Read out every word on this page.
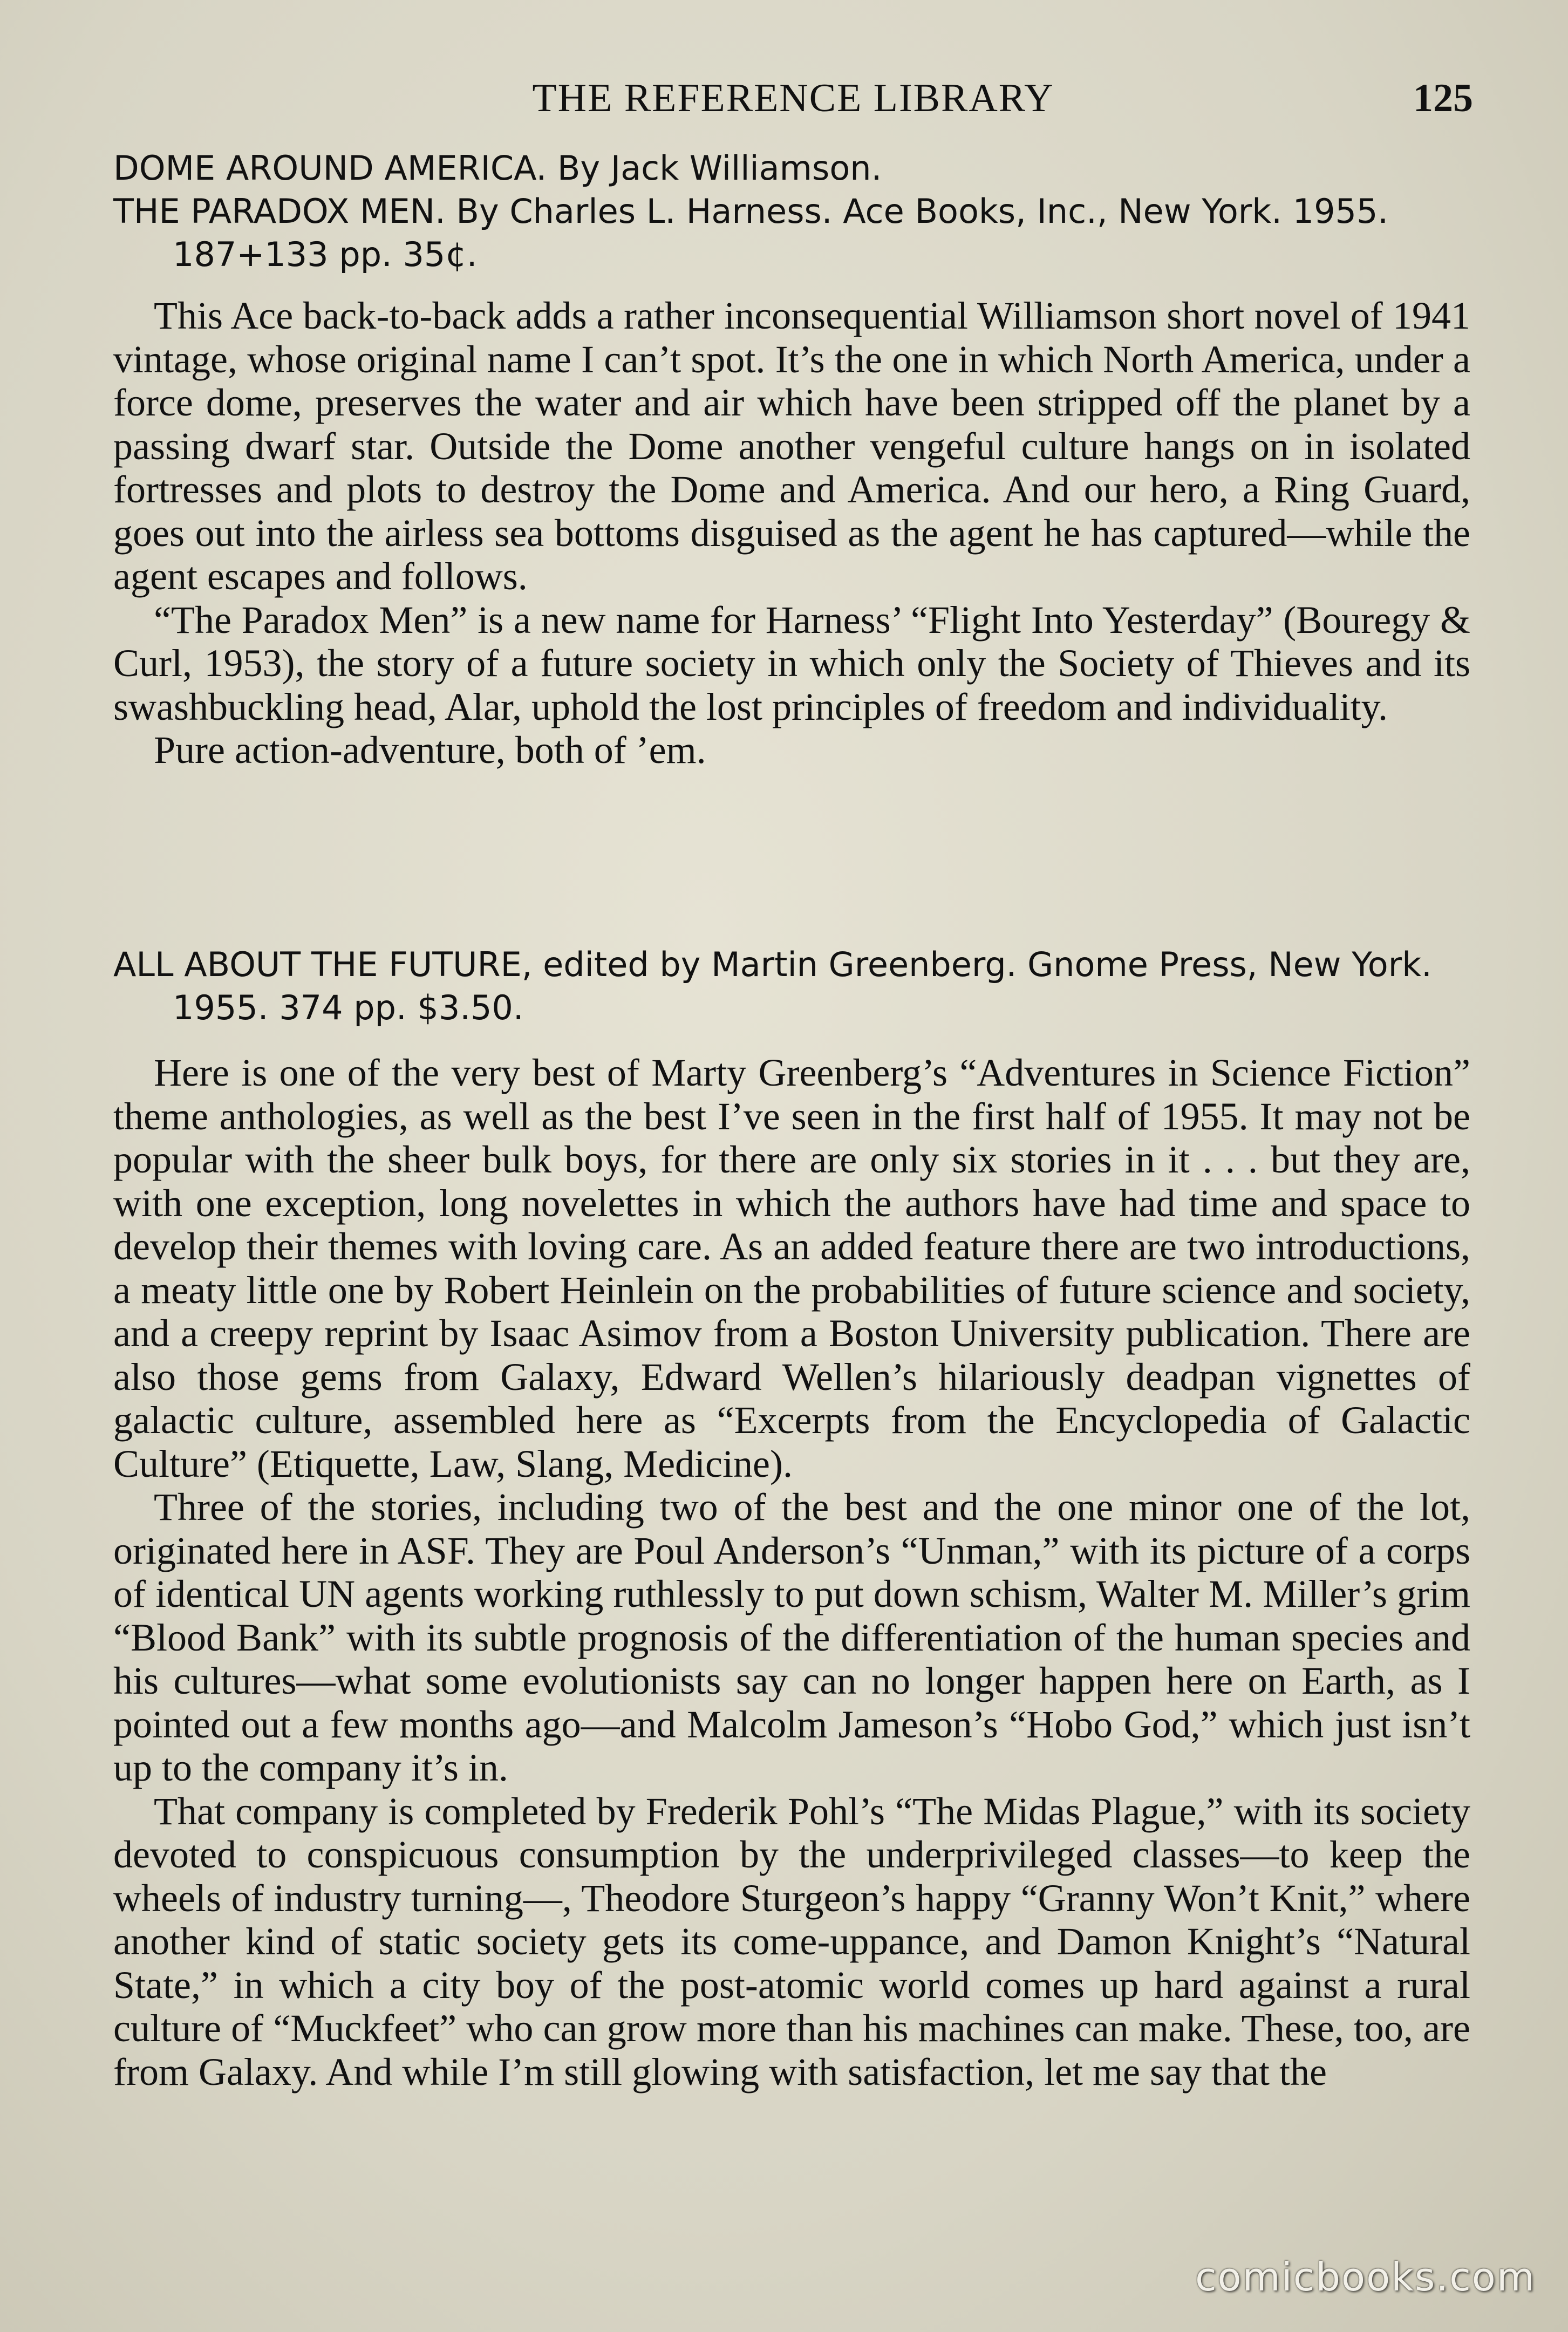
THE REFERENCE LIBRARY	125
DOME AROUND AMERICA. By Jack Williamson.
THE PARADOX MEN. By Charles L. Harness. Ace Books, Inc., New York. 1955.
187+133 pp. 35¢.

This Ace back-to-back adds a rather inconsequential Williamson short novel of 1941 vintage, whose original name I can’t spot. It’s the one in which North America, under a force dome, preserves the water and air which have been stripped off the planet by a passing dwarf star. Outside the Dome another vengeful culture hangs on in isolated fortresses and plots to destroy the Dome and America. And our hero, a Ring Guard, goes out into the airless sea bottoms disguised as the agent he has captured—while the agent escapes and follows.

“The Paradox Men” is a new name for Harness’ “Flight Into Yesterday” (Bouregy & Curl, 1953), the story of a future society in which only the Society of Thieves and its swashbuckling head, Alar, uphold the lost principles of freedom and individuality.

Pure action-adventure, both of ’em.

ALL ABOUT THE FUTURE, edited by Martin Greenberg. Gnome Press, New York.
1955. 374 pp. $3.50.

Here is one of the very best of Marty Greenberg’s “Adventures in Science Fiction” theme anthologies, as well as the best I’ve seen in the first half of 1955. It may not be popular with the sheer bulk boys, for there are only six stories in it . . . but they are, with one exception, long novelettes in which the authors have had time and space to develop their themes with loving care. As an added feature there are two introductions, a meaty little one by Robert Heinlein on the probabilities of future science and society, and a creepy reprint by Isaac Asimov from a Boston University publication. There are also those gems from Galaxy, Edward Wellen’s hilariously deadpan vignettes of galactic culture, assembled here as “Excerpts from the Encyclopedia of Galactic Culture” (Etiquette, Law, Slang, Medicine).

Three of the stories, including two of the best and the one minor one of the lot, originated here in ASF. They are Poul Anderson’s “Unman,” with its picture of a corps of identical UN agents working ruthlessly to put down schism, Walter M. Miller’s grim “Blood Bank” with its subtle prognosis of the differentiation of the human species and his cultures—what some evolutionists say can no longer happen here on Earth, as I pointed out a few months ago—and Malcolm Jameson’s “Hobo God,” which just isn’t up to the company it’s in.

That company is completed by Frederik Pohl’s “The Midas Plague,” with its society devoted to conspicuous consumption by the underprivileged classes—to keep the wheels of industry turning—, Theodore Sturgeon’s happy “Granny Won’t Knit,” where another kind of static society gets its come-uppance, and Damon Knight’s “Natural State,” in which a city boy of the post-atomic world comes up hard against a rural culture of “Muckfeet” who can grow more than his machines can make. These, too, are from Galaxy. And while I’m still glowing with satisfaction, let me say that the

comicbooks.com
